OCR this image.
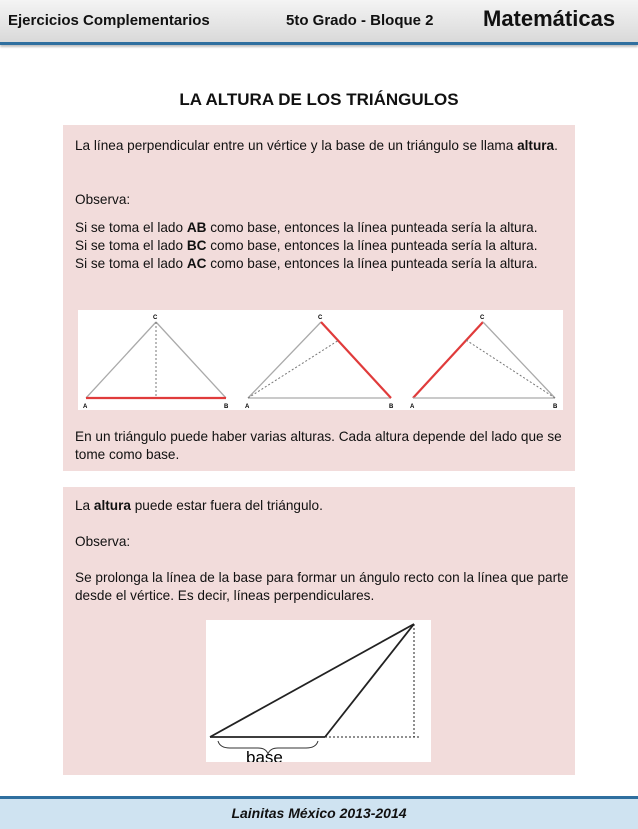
Ejercicios Complementarios	5to Grado - Bloque 2 Matemáticas
LA ALTURA DE LOS TRIÁNGULOS

La línea perpendicular entre un vértice y la base de un triángulo se llama altura.

Observa:

Si se toma el lado AB como base, entonces la línea punteada sería la altura.

Si se toma el lado BC como base, entonces la línea punteada sería la altura.

Si se toma el lado AC como base, entonces la línea punteada sería la altura.

A	B
C
A	B
C
A	B
C

En un triángulo puede haber varias alturas. Cada altura depende del lado que se tome como base.

La altura puede estar fuera del triángulo.

Observa:

Se prolonga la línea de la base para formar un ángulo recto con la línea que parte desde el vértice. Es decir, líneas perpendiculares.

base
Lainitas México 2013-2014
